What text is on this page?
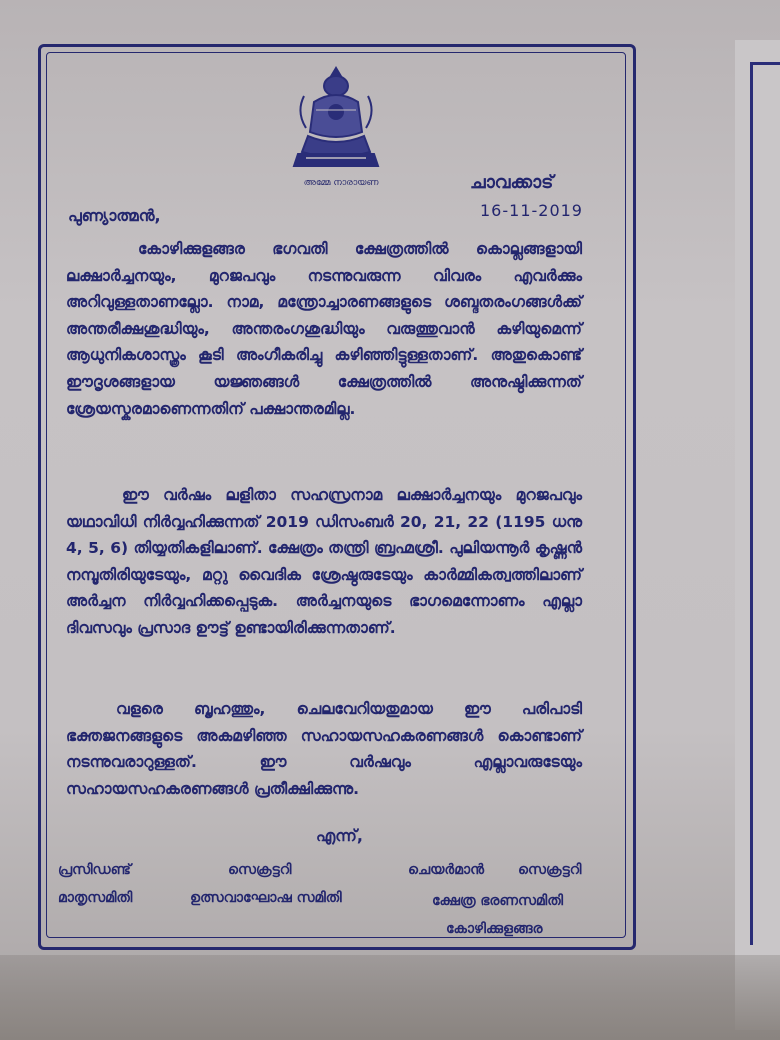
അമ്മേ നാരായണ	ചാവക്കാട്
16-11-2019
പുണ്യാത്മൻ,

കോഴിക്കുളങ്ങര ഭഗവതി ക്ഷേത്രത്തിൽ കൊല്ലങ്ങളായി ലക്ഷാർച്ചനയും, മുറജപവും നടന്നുവരുന്ന വിവരം എവർക്കും അറിവുള്ളതാണല്ലോ. നാമ, മന്ത്രോച്ചാരണങ്ങളുടെ ശബ്ദതരംഗങ്ങൾക്ക് അന്തരീക്ഷശുദ്ധിയും, അന്തരംഗശുദ്ധിയും വരുത്തുവാൻ കഴിയുമെന്ന് ആധുനികശാസ്ത്രം കൂടി അംഗീകരിച്ചു കഴിഞ്ഞിട്ടുള്ളതാണ്. അതുകൊണ്ട് ഈദൃശങ്ങളായ യജ്ഞങ്ങൾ ക്ഷേത്രത്തിൽ അനുഷ്ഠിക്കുന്നത് ശ്രേയസ്കരമാണെന്നതിന് പക്ഷാന്തരമില്ല.

ഈ വർഷം ലളിതാ സഹസ്രനാമ ലക്ഷാർച്ചനയും മുറജപവും യഥാവിധി നിർവ്വഹിക്കുന്നത് 2019 ഡിസംബർ 20, 21, 22 (1195 ധനു 4, 5, 6) തിയ്യതികളിലാണ്. ക്ഷേത്രം തന്ത്രി ബ്രഹ്മശ്രീ. പുലിയന്നൂർ കൃഷ്ണൻ നമ്പൂതിരിയുടേയും, മറ്റു വൈദിക ശ്രേഷ്ഠരുടേയും കാർമ്മികത്വത്തിലാണ് അർച്ചന നിർവ്വഹിക്കപ്പെടുക. അർച്ചനയുടെ ഭാഗമെന്നോണം എല്ലാ ദിവസവും പ്രസാദ ഊട്ട് ഉണ്ടായിരിക്കുന്നതാണ്.

വളരെ ബൃഹത്തും, ചെലവേറിയതുമായ ഈ പരിപാടി ഭക്തജനങ്ങളുടെ അകമഴിഞ്ഞ സഹായസഹകരണങ്ങൾ കൊണ്ടാണ് നടന്നുവരാറുള്ളത്. ഈ വർഷവും എല്ലാവരുടേയും സഹായസഹകരണങ്ങൾ പ്രതീക്ഷിക്കുന്നു.

എന്ന്,
പ്രസിഡണ്ട്
മാതൃസമിതി
സെക്രട്ടറി
ഉത്സവാഘോഷ സമിതി
ചെയർമാൻ
ക്ഷേത്ര ഭരണസമിതി
സെക്രട്ടറി
കോഴിക്കുളങ്ങര
